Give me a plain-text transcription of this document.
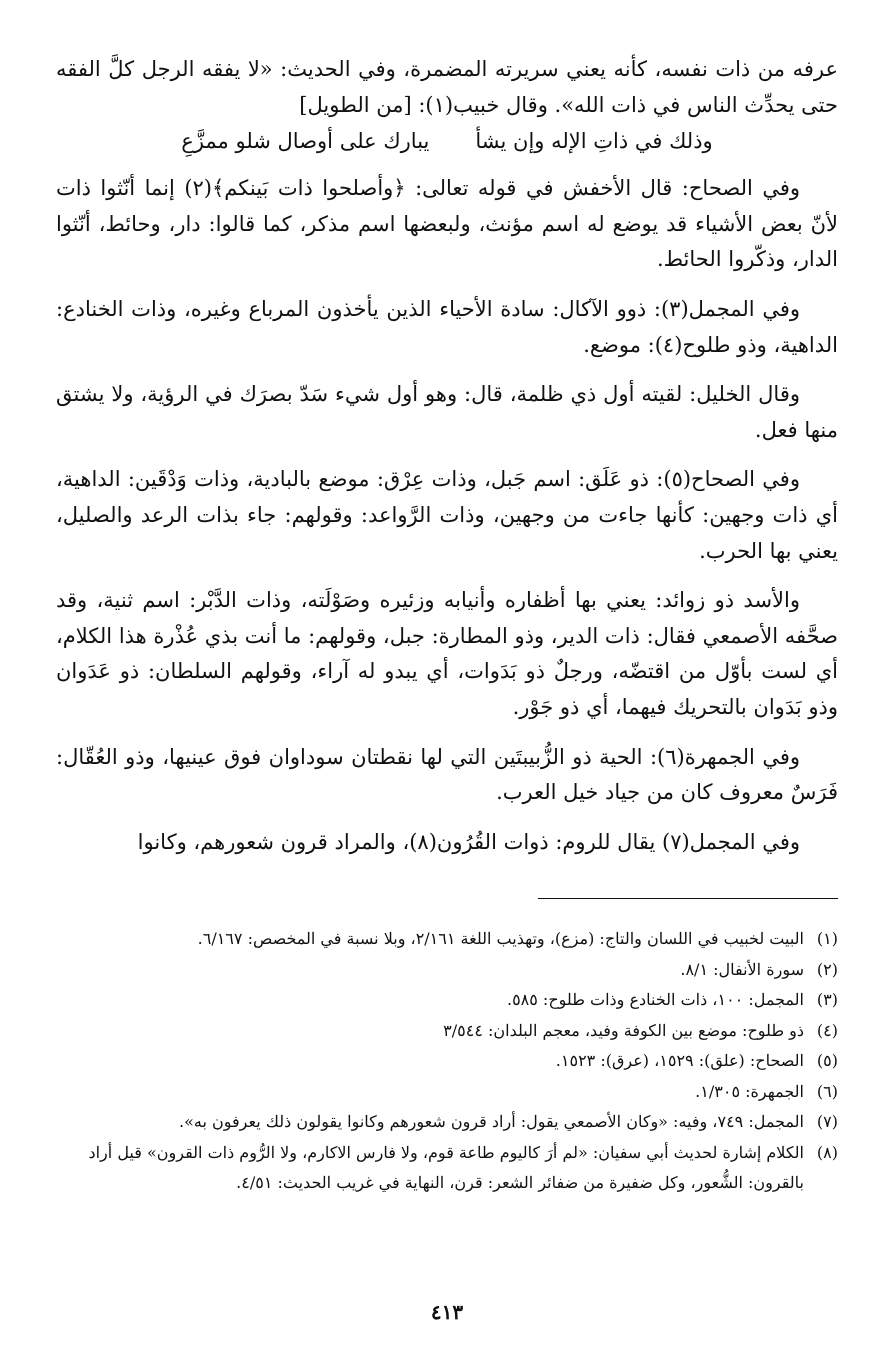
عرفه من ذات نفسه، كأنه يعني سريرته المضمرة، وفي الحديث: «لا يفقه الرجل كلَّ الفقه حتى يحدِّث الناس في ذات الله». وقال خبيب(١): [من الطويل]

وذلك في ذاتِ الإله وإن يشأ
يبارك على أوصال شلو ممزَّعِ

وفي الصحاح: قال الأخفش في قوله تعالى: ﴿وأصلحوا ذات بَينكم﴾(٢) إنما أنّثوا ذات لأنّ بعض الأشياء قد يوضع له اسم مؤنث، ولبعضها اسم مذكر، كما قالوا: دار، وحائط، أنّثوا الدار، وذكّروا الحائط.

وفي المجمل(٣): ذوو الآكال: سادة الأحياء الذين يأخذون المرباع وغيره، وذات الخنادع: الداهية، وذو طلوح(٤): موضع.

وقال الخليل: لقيته أول ذي ظلمة، قال: وهو أول شيء سَدّ بصرَك في الرؤية، ولا يشتق منها فعل.

وفي الصحاح(٥): ذو عَلَق: اسم جَبل، وذات عِرْق: موضع بالبادية، وذات وَدْقَين: الداهية، أي ذات وجهين: كأنها جاءت من وجهين، وذات الرَّواعد: وقولهم: جاء بذات الرعد والصليل، يعني بها الحرب.

والأسد ذو زوائد: يعني بها أظفاره وأنيابه وزئيره وصَوْلَته، وذات الدَّبْر: اسم ثنية، وقد صحَّفه الأصمعي فقال: ذات الدير، وذو المطارة: جبل، وقولهم: ما أنت بذي عُذْرة هذا الكلام، أي لست بأوّل من اقتضّه، ورجلٌ ذو بَدَوات، أي يبدو له آراء، وقولهم السلطان: ذو عَدَوان وذو بَدَوان بالتحريك فيهما، أي ذو جَوْر.

وفي الجمهرة(٦): الحية ذو الزُّبيبتَين التي لها نقطتان سوداوان فوق عينيها، وذو العُقّال: فَرَسٌ معروف كان من جياد خيل العرب.

وفي المجمل(٧) يقال للروم: ذوات القُرُون(٨)، والمراد قرون شعورهم، وكانوا

(١)
البيت لخبيب في اللسان والتاج: (مزع)، وتهذيب اللغة ٢/١٦١، وبلا نسبة في المخصص: ٦/١٦٧.
(٢)
سورة الأنفال: ٨/١.
(٣)
المجمل: ١٠٠، ذات الخنادع وذات طلوح: ٥٨٥.
(٤)
ذو طلوح: موضع بين الكوفة وفيد، معجم البلدان: ٣/٥٤٤
(٥)
الصحاح: (علق): ١٥٢٩، (عرق): ١٥٢٣.
(٦)
الجمهرة: ١/٣٠٥.
(٧)
المجمل: ٧٤٩، وفيه: «وكان الأصمعي يقول: أراد قرون شعورهم وكانوا يقولون ذلك يعرفون به».
(٨)
الكلام إشارة لحديث أبي سفيان: «لم أرَ كاليوم طاعة قوم، ولا فارس الاكارم، ولا الرُّوم ذات القرون» قيل أراد بالقرون: الشُّعور، وكل ضفيرة من ضفائر الشعر: قرن، النهاية في غريب الحديث: ٤/٥١.
٤١٣
